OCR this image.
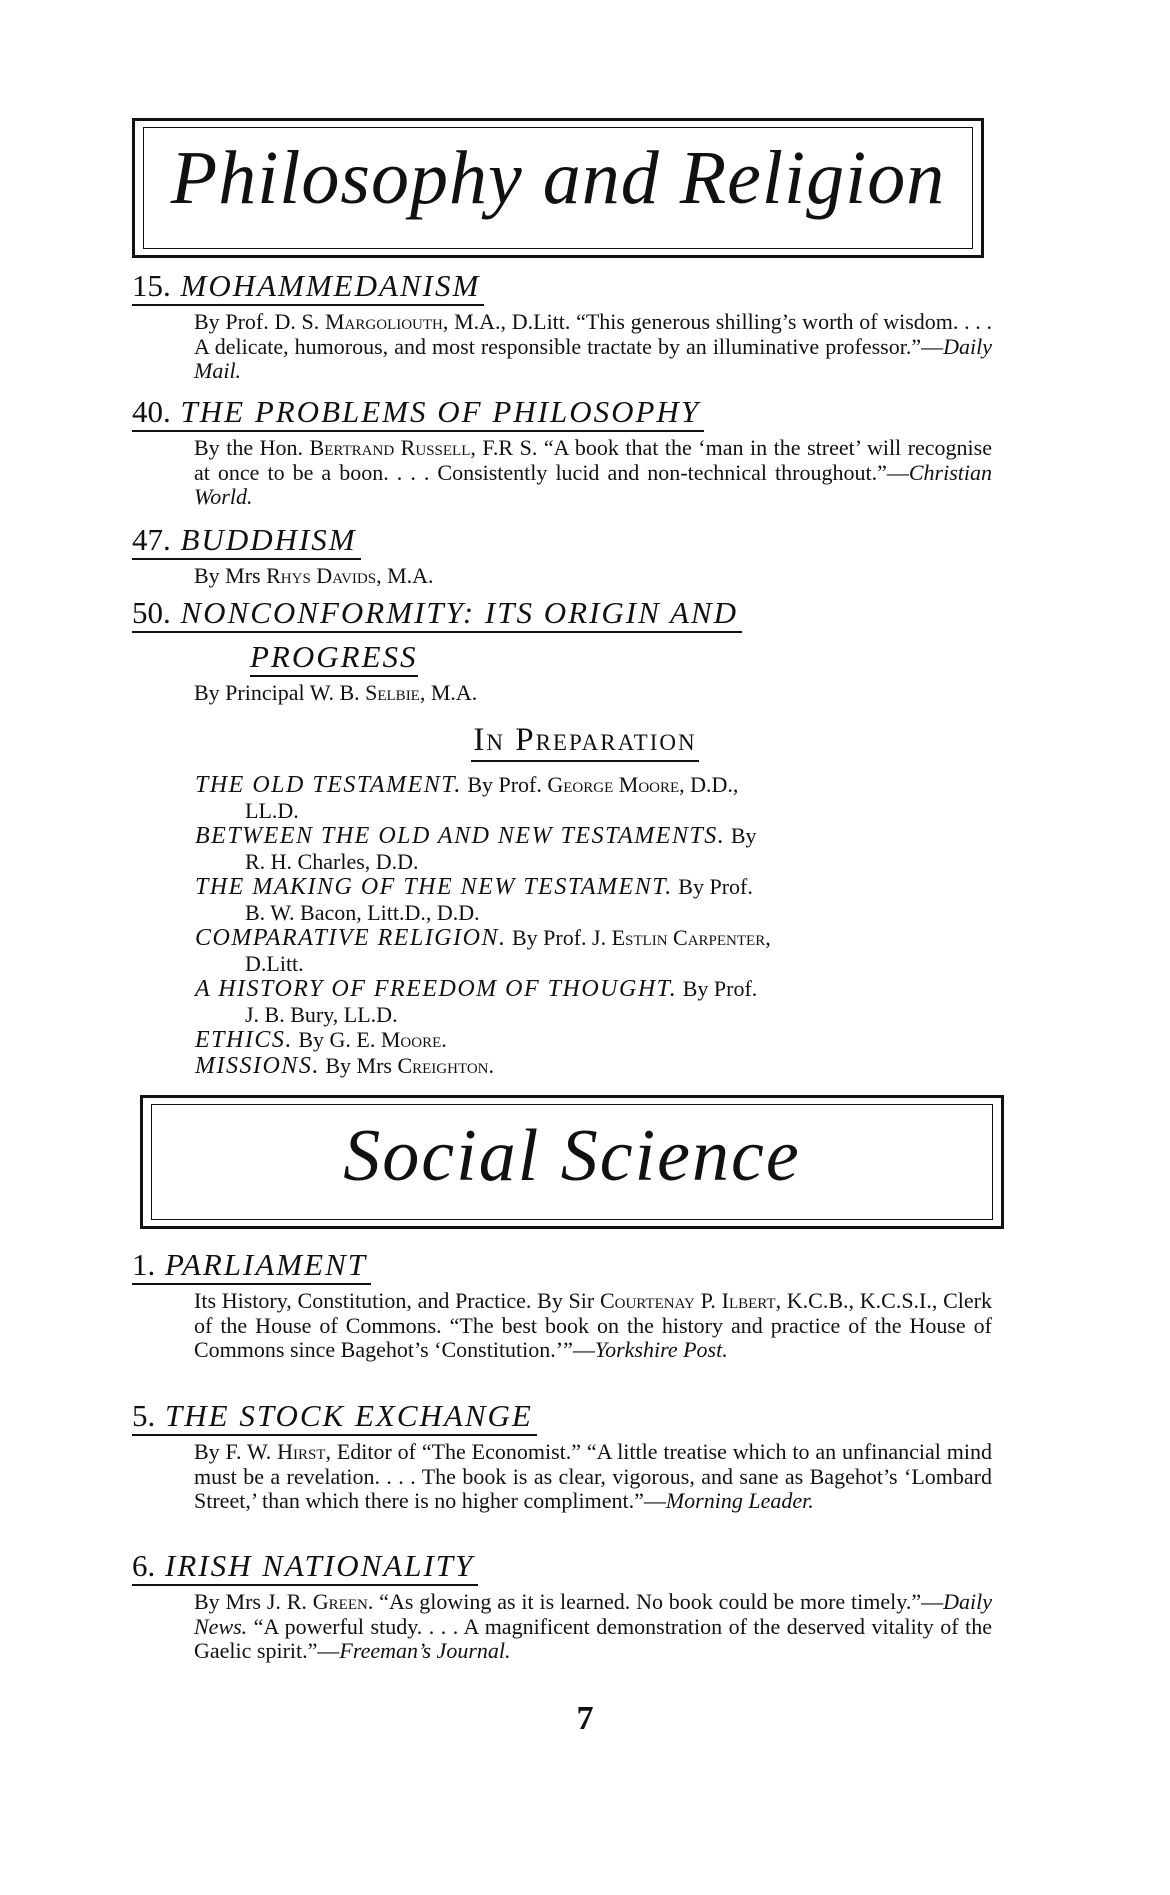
Philosophy and Religion
15. MOHAMMEDANISM
By Prof. D. S. Margoliouth, M.A., D.Litt. “This generous shilling’s worth of wisdom. . . . A delicate, humorous, and most responsible tractate by an illuminative professor.”—Daily Mail.
40. THE PROBLEMS OF PHILOSOPHY
By the Hon. Bertrand Russell, F.R S. “A book that the ‘man in the street’ will recognise at once to be a boon. . . . Consistently lucid and non-technical throughout.”—Christian World.
47. BUDDHISM
By Mrs Rhys Davids, M.A.
50. NONCONFORMITY: ITS ORIGIN AND
PROGRESS
By Principal W. B. Selbie, M.A.
In Preparation
THE OLD TESTAMENT. By Prof. George Moore, D.D.,
LL.D.
BETWEEN THE OLD AND NEW TESTAMENTS. By
R. H. Charles, D.D.
THE MAKING OF THE NEW TESTAMENT. By Prof.
B. W. Bacon, Litt.D., D.D.
COMPARATIVE RELIGION. By Prof. J. Estlin Carpenter,
D.Litt.
A HISTORY OF FREEDOM OF THOUGHT. By Prof.
J. B. Bury, LL.D.
ETHICS. By G. E. Moore.
MISSIONS. By Mrs Creighton.
Social Science
1. PARLIAMENT
Its History, Constitution, and Practice. By Sir Courtenay P. Ilbert, K.C.B., K.C.S.I., Clerk of the House of Commons. “The best book on the history and practice of the House of Commons since Bagehot’s ‘Constitution.’”—Yorkshire Post.
5. THE STOCK EXCHANGE
By F. W. Hirst, Editor of “The Economist.” “A little treatise which to an unfinancial mind must be a revelation. . . . The book is as clear, vigorous, and sane as Bagehot’s ‘Lombard Street,’ than which there is no higher compliment.”—Morning Leader.
6. IRISH NATIONALITY
By Mrs J. R. Green. “As glowing as it is learned. No book could be more timely.”—Daily News. “A powerful study. . . . A magnificent demonstration of the deserved vitality of the Gaelic spirit.”—Freeman’s Journal.
7
